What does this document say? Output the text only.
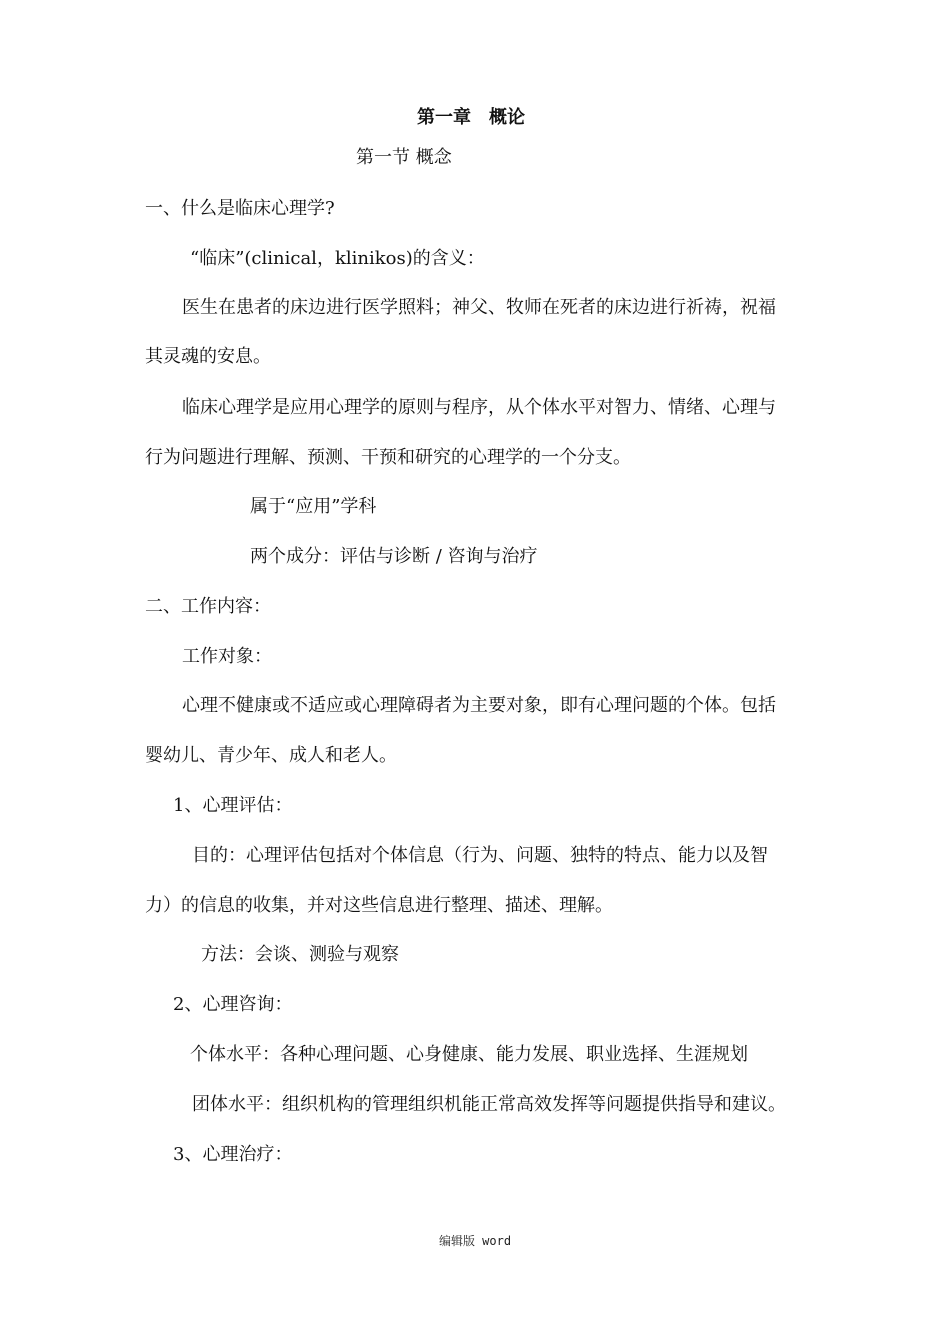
第一章　概论
第一节 概念
一、什么是临床心理学?
“临床”(clinical，klinikos)的含义：
医生在患者的床边进行医学照料；神父、牧师在死者的床边进行祈祷，祝福
其灵魂的安息。
临床心理学是应用心理学的原则与程序，从个体水平对智力、情绪、心理与
行为问题进行理解、预测、干预和研究的心理学的一个分支。
属于“应用”学科
两个成分：评估与诊断 / 咨询与治疗
二、工作内容：
工作对象：
心理不健康或不适应或心理障碍者为主要对象，即有心理问题的个体。包括
婴幼儿、青少年、成人和老人。
1、心理评估：
目的：心理评估包括对个体信息（行为、问题、独特的特点、能力以及智
力）的信息的收集，并对这些信息进行整理、描述、理解。
方法：会谈、测验与观察
2、心理咨询：
个体水平：各种心理问题、心身健康、能力发展、职业选择、生涯规划
团体水平：组织机构的管理组织机能正常高效发挥等问题提供指导和建议。
3、心理治疗：
编辑版 word
